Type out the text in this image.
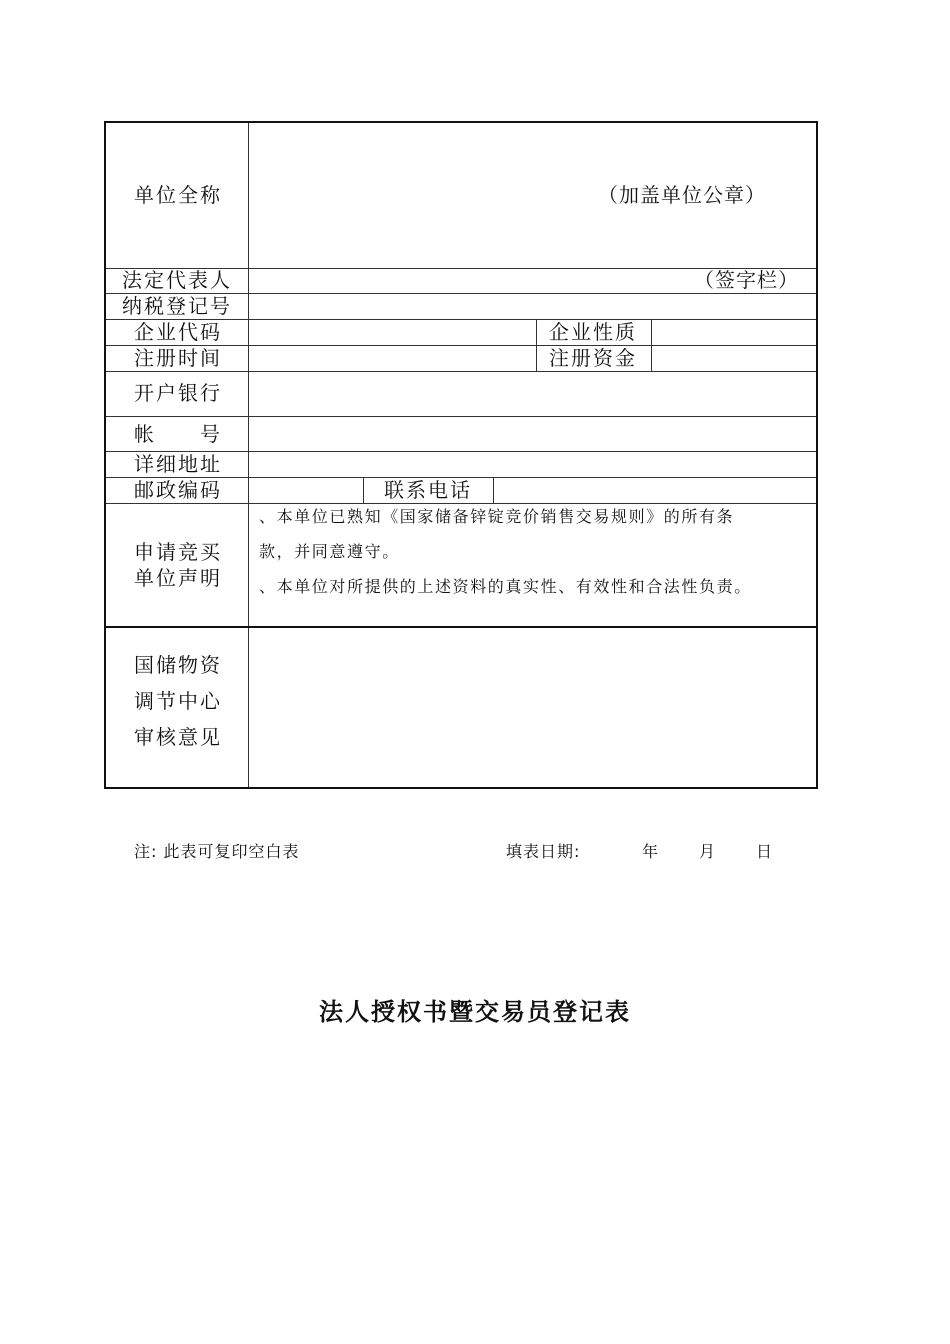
单位全称	（加盖单位公章）
法定代表人	（签字栏）
纳税登记号
企业代码	企业性质
注册时间	注册资金
开户银行
帐　　号
详细地址
邮政编码	联系电话
申请竞买
单位声明
、本单位已熟知《国家储备锌锭竞价销售交易规则》的所有条
款，并同意遵守。
、本单位对所提供的上述资料的真实性、有效性和合法性负责。
国储物资
调节中心
审核意见
注: 此表可复印空白表	填表日期:	年 月 日
法人授权书暨交易员登记表
